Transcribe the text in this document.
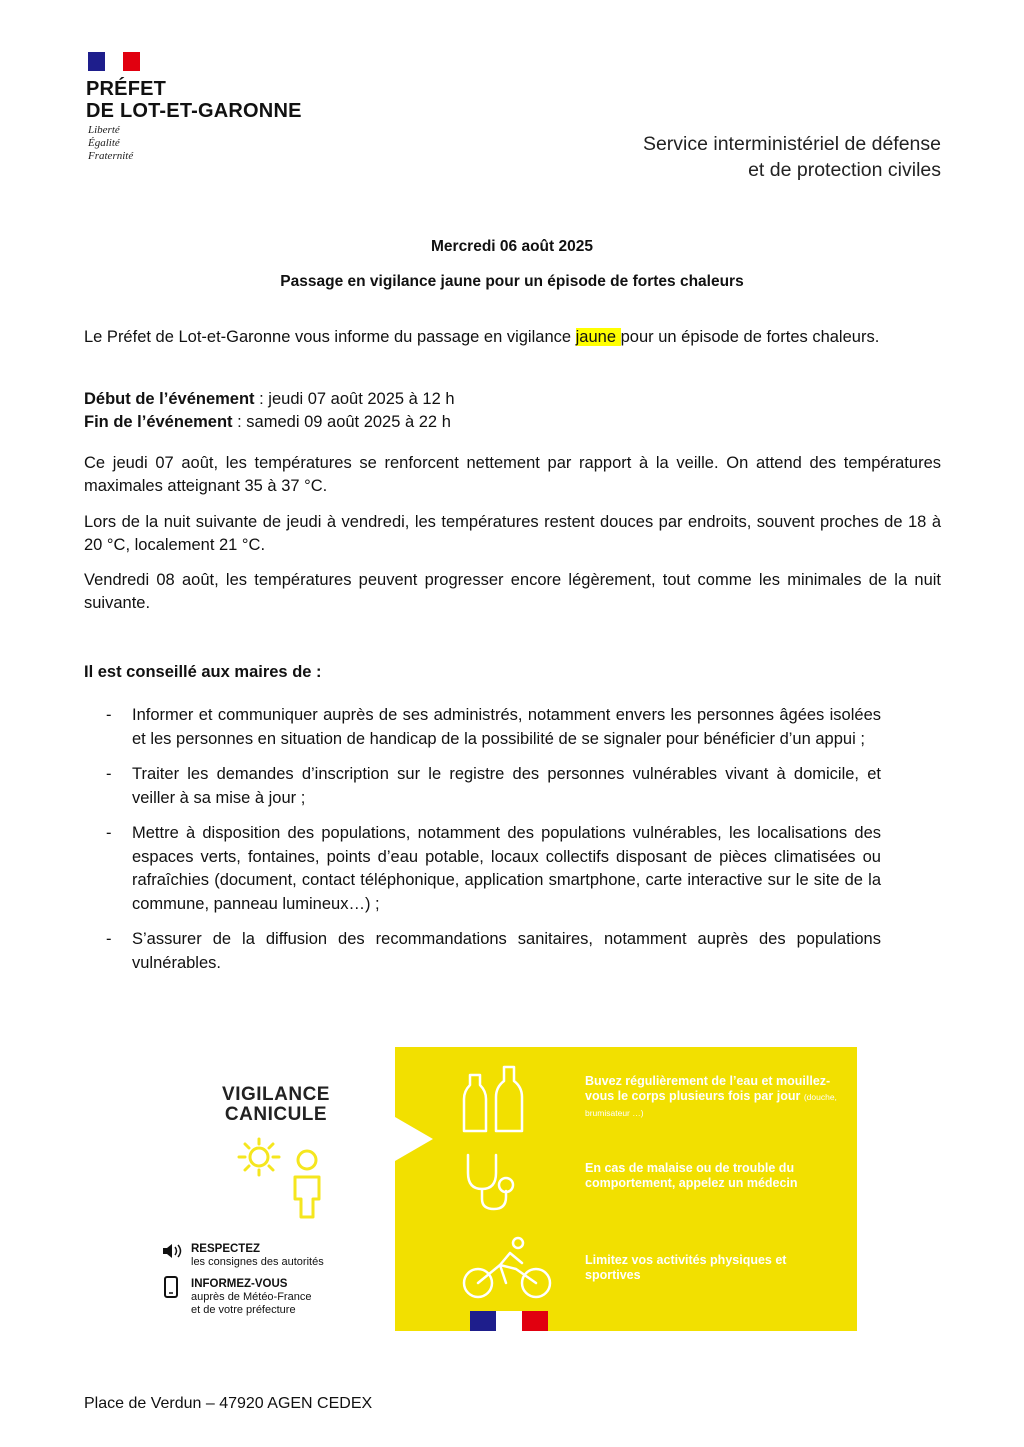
PRÉFET
DE LOT-ET-GARONNE
Liberté
Égalité
Fraternité
Service interministériel de défense
et de protection civiles
Mercredi 06 août 2025
Passage en vigilance jaune pour un épisode de fortes chaleurs
Le Préfet de Lot-et-Garonne vous informe du passage en vigilance jaune pour un épisode de fortes chaleurs.
Début de l’événement : jeudi 07 août 2025 à 12 h
Fin de l’événement : samedi 09 août 2025 à 22 h
Ce jeudi 07 août, les températures se renforcent nettement par rapport à la veille. On attend des températures maximales atteignant 35 à 37 °C.
Lors de la nuit suivante de jeudi à vendredi, les températures restent douces par endroits, souvent proches de 18 à 20 °C, localement 21 °C.
Vendredi 08 août, les températures peuvent progresser encore légèrement, tout comme les minimales de la nuit suivante.
Il est conseillé aux maires de :
-	Informer et communiquer auprès de ses administrés, notamment envers les personnes âgées isolées et les personnes en situation de handicap de la possibilité de se signaler pour bénéficier d’un appui ;
-	Traiter les demandes d’inscription sur le registre des personnes vulnérables vivant à domicile, et veiller à sa mise à jour ;
-	Mettre à disposition des populations, notamment des populations vulnérables, les localisations des espaces verts, fontaines, points d’eau potable, locaux collectifs disposant de pièces climatisées ou rafraîchies (document, contact téléphonique, application smartphone, carte interactive sur le site de la commune, panneau lumineux…) ;
-	S’assurer de la diffusion des recommandations sanitaires, notamment auprès des populations vulnérables.
VIGILANCE
CANICULE
RESPECTEZ
les consignes des autorités
INFORMEZ-VOUS
auprès de Météo-France
et de votre préfecture
Buvez régulièrement de l’eau et mouillez-vous le corps plusieurs fois par jour (douche, brumisateur …)
En cas de malaise ou de trouble du comportement, appelez un médecin
Limitez vos activités physiques et sportives
Place de Verdun – 47920 AGEN CEDEX
